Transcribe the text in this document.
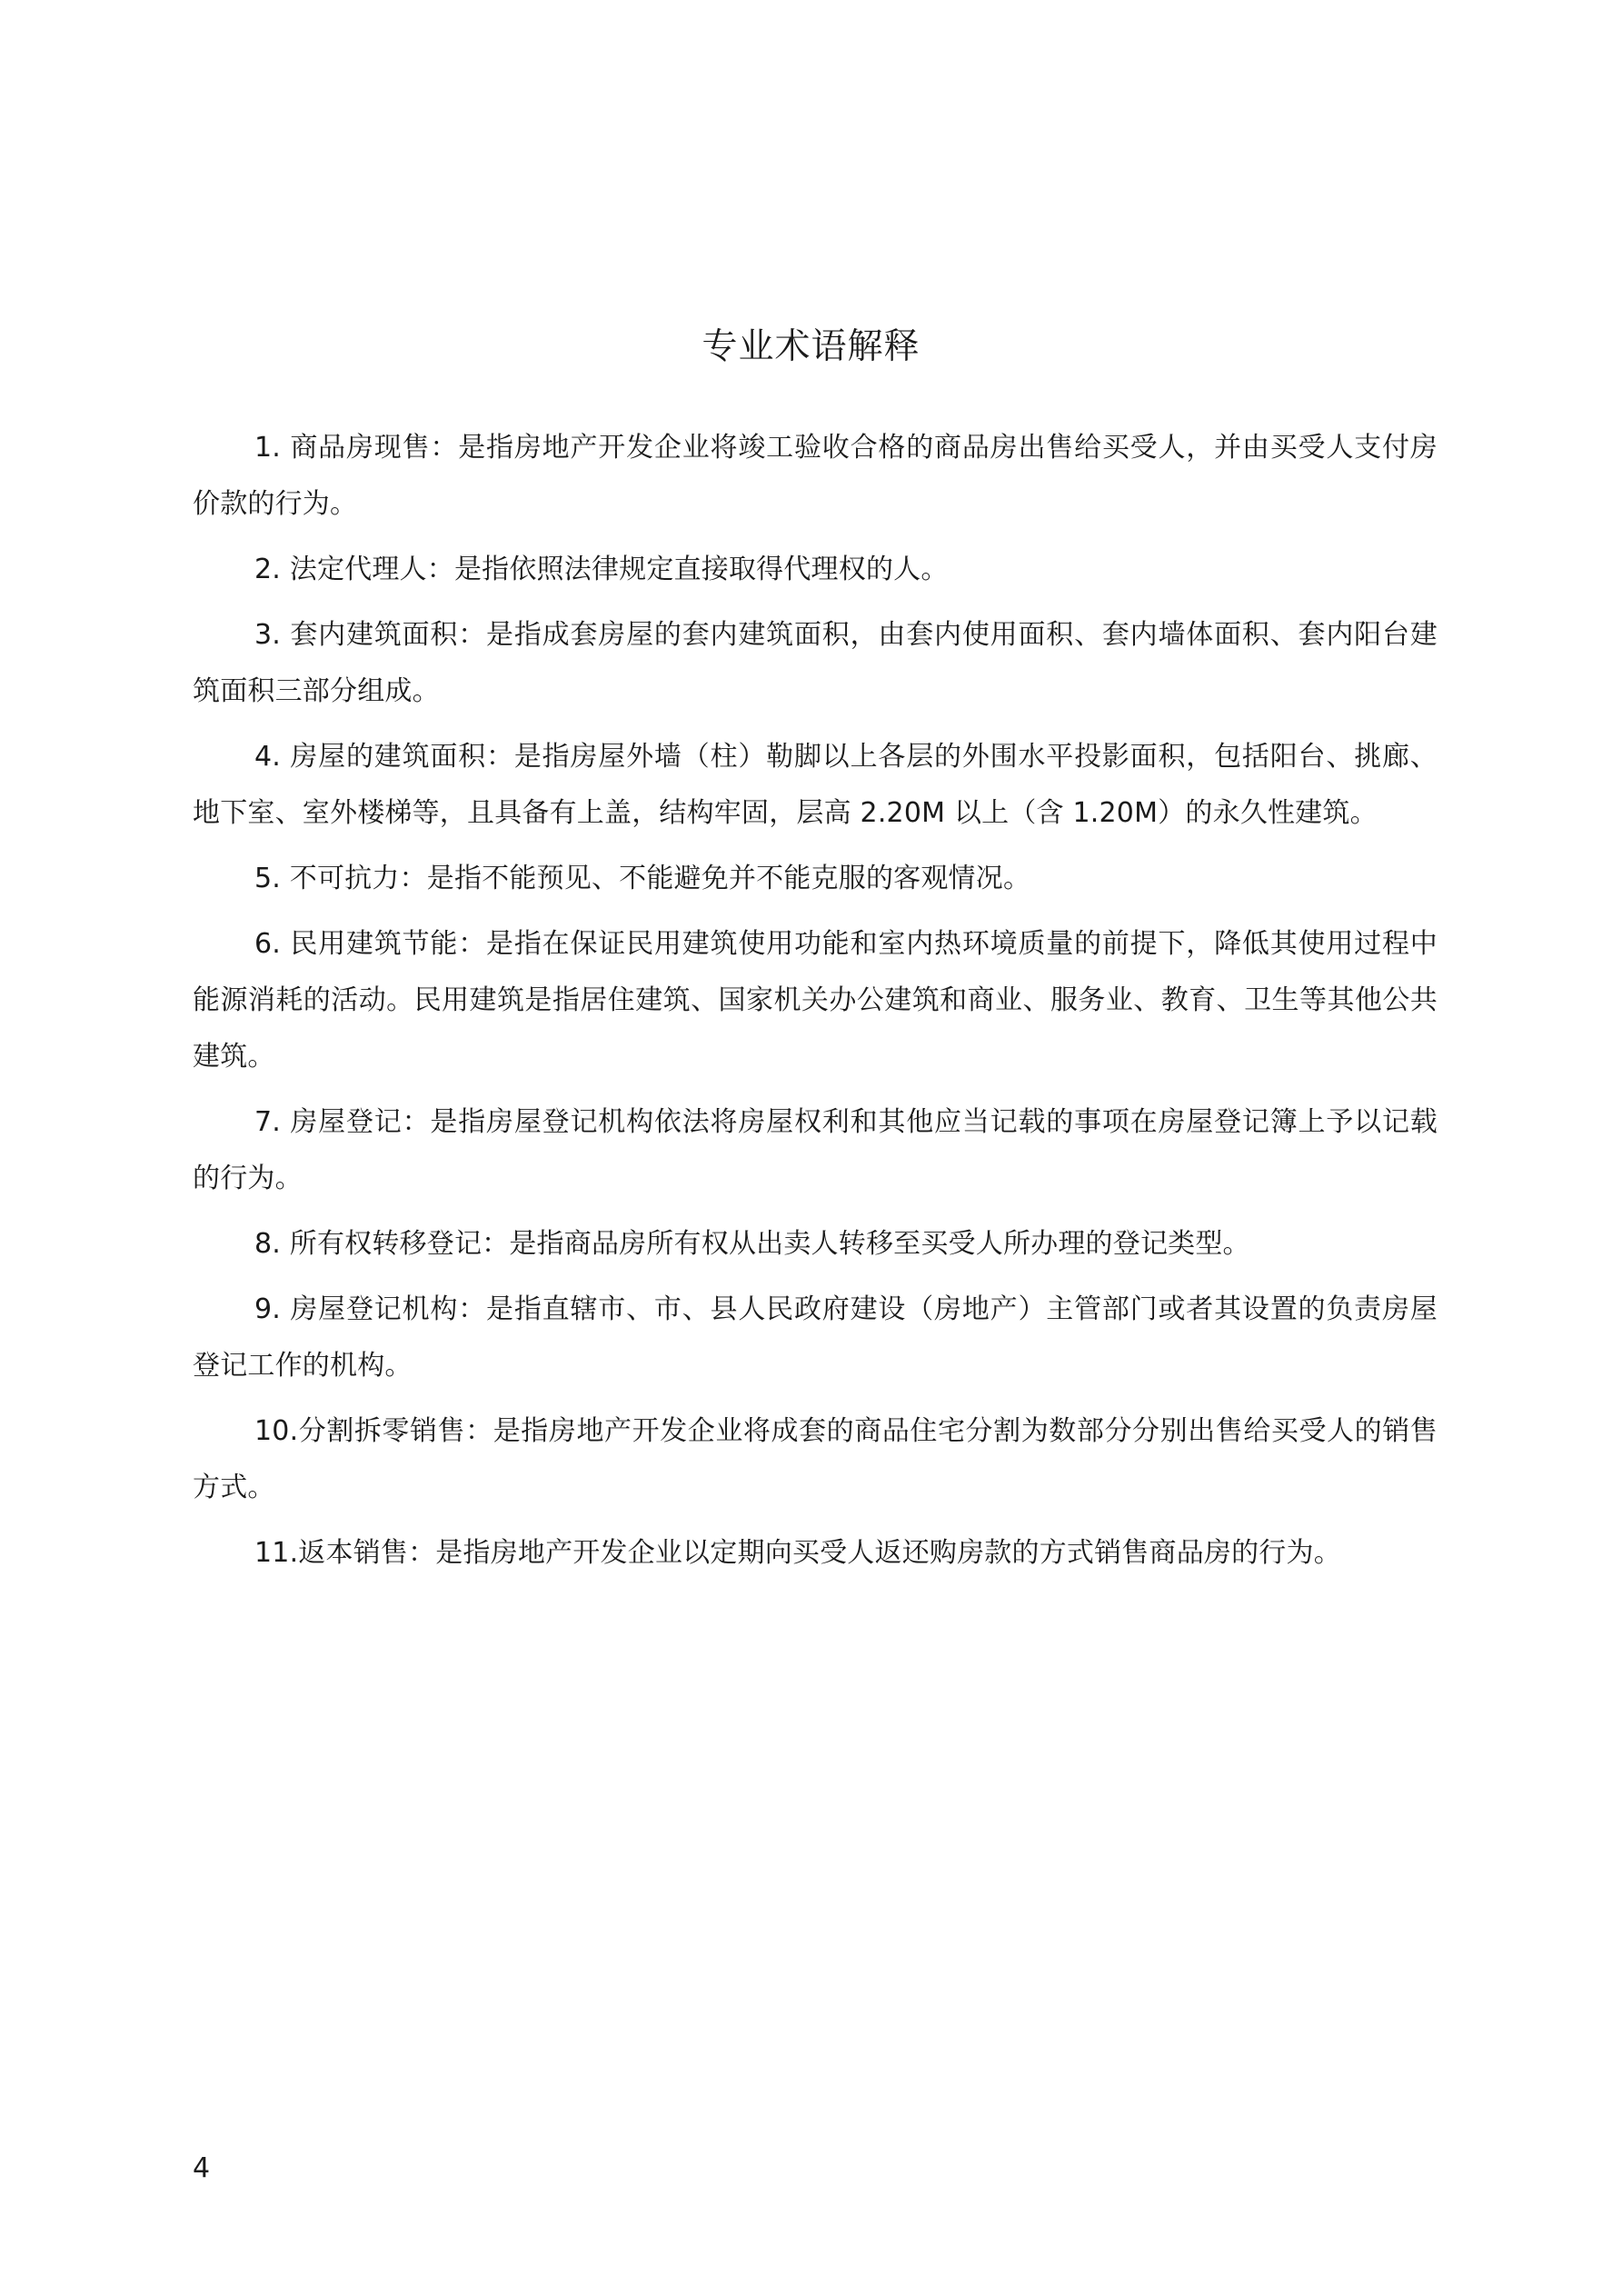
专业术语解释

1. 商品房现售：是指房地产开发企业将竣工验收合格的商品房出售给买受人，并由买受人支付房价款的行为。

2. 法定代理人：是指依照法律规定直接取得代理权的人。

3. 套内建筑面积：是指成套房屋的套内建筑面积，由套内使用面积、套内墙体面积、套内阳台建筑面积三部分组成。

4. 房屋的建筑面积：是指房屋外墙（柱）勒脚以上各层的外围水平投影面积，包括阳台、挑廊、地下室、室外楼梯等，且具备有上盖，结构牢固，层高 2.20M 以上（含 1.20M）的永久性建筑。

5. 不可抗力：是指不能预见、不能避免并不能克服的客观情况。

6. 民用建筑节能：是指在保证民用建筑使用功能和室内热环境质量的前提下，降低其使用过程中能源消耗的活动。民用建筑是指居住建筑、国家机关办公建筑和商业、服务业、教育、卫生等其他公共建筑。

7. 房屋登记：是指房屋登记机构依法将房屋权利和其他应当记载的事项在房屋登记簿上予以记载的行为。

8. 所有权转移登记：是指商品房所有权从出卖人转移至买受人所办理的登记类型。

9. 房屋登记机构：是指直辖市、市、县人民政府建设（房地产）主管部门或者其设置的负责房屋登记工作的机构。

10.分割拆零销售：是指房地产开发企业将成套的商品住宅分割为数部分分别出售给买受人的销售方式。

11.返本销售：是指房地产开发企业以定期向买受人返还购房款的方式销售商品房的行为。

4
